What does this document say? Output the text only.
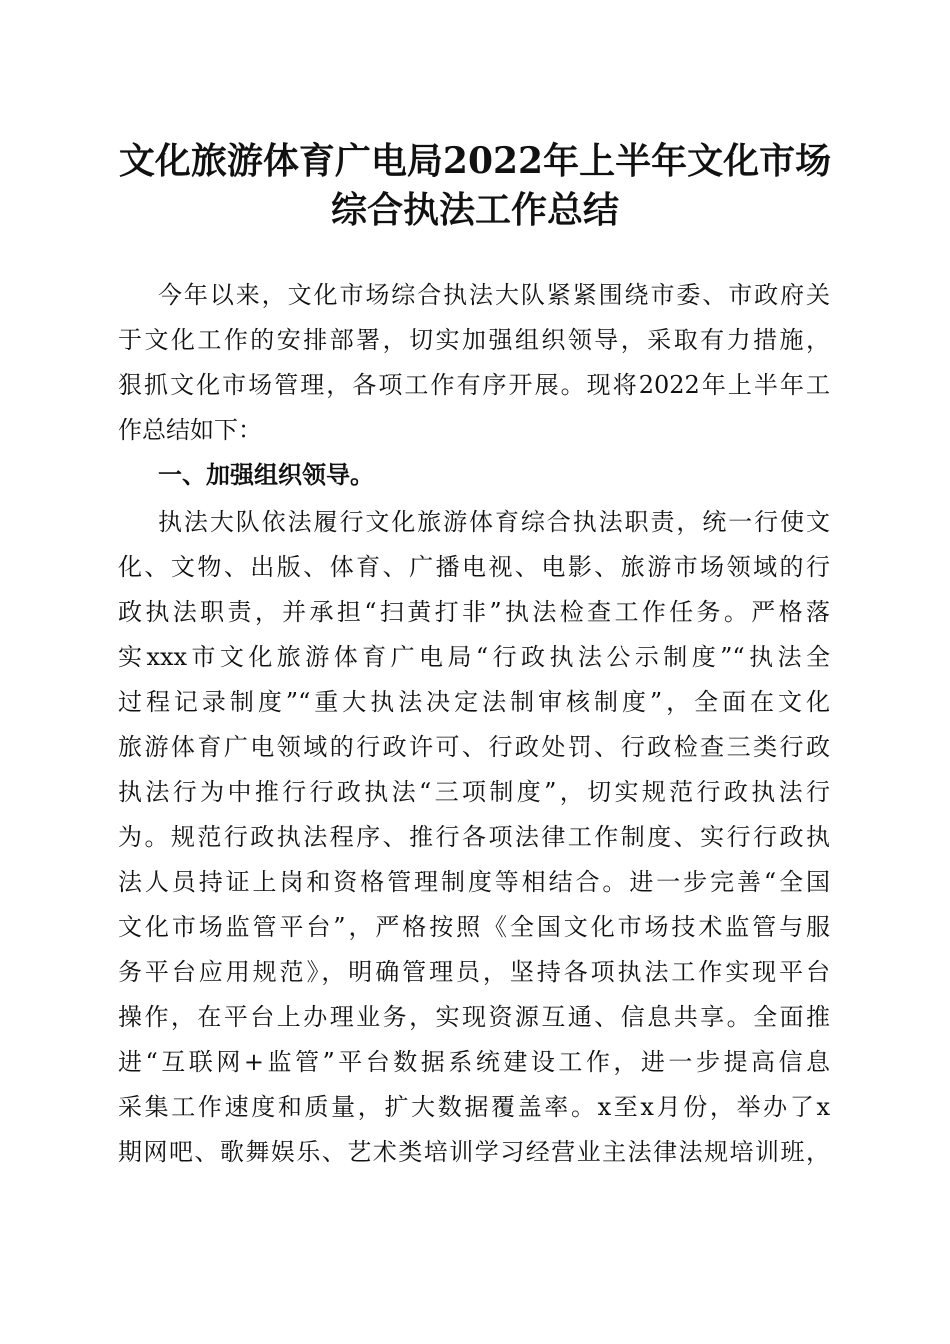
文化旅游体育广电局2022年上半年文化市场
综合执法工作总结
今年以来，文化市场综合执法大队紧紧围绕市委、市政府关
于文化工作的安排部署，切实加强组织领导，采取有力措施，
狠抓文化市场管理，各项工作有序开展。现将2022年上半年工
作总结如下：
一、加强组织领导。
执法大队依法履行文化旅游体育综合执法职责，统一行使文
化、文物、出版、体育、广播电视、电影、旅游市场领域的行
政执法职责，并承担“扫黄打非”执法检查工作任务。严格落
实xxx市文化旅游体育广电局“行政执法公示制度”“执法全
过程记录制度”“重大执法决定法制审核制度”，全面在文化
旅游体育广电领域的行政许可、行政处罚、行政检查三类行政
执法行为中推行行政执法“三项制度”，切实规范行政执法行
为。规范行政执法程序、推行各项法律工作制度、实行行政执
法人员持证上岗和资格管理制度等相结合。进一步完善“全国
文化市场监管平台”，严格按照《全国文化市场技术监管与服
务平台应用规范》，明确管理员，坚持各项执法工作实现平台
操作，在平台上办理业务，实现资源互通、信息共享。全面推
进“互联网+监管”平台数据系统建设工作，进一步提高信息
采集工作速度和质量，扩大数据覆盖率。x至x月份，举办了x
期网吧、歌舞娱乐、艺术类培训学习经营业主法律法规培训班，
